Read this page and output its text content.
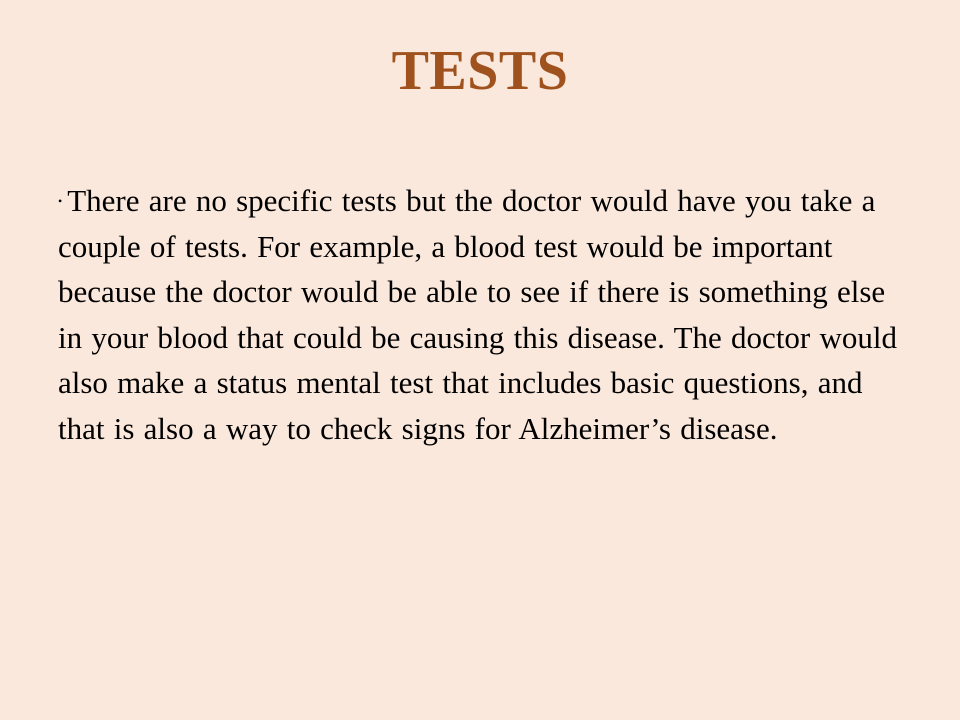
TESTS

• There are no specific tests but the doctor would have you take a couple of tests. For example, a blood test would be important because the doctor would be able to see if there is something else in your blood that could be causing this disease. The doctor would also make a status mental test that includes basic questions, and that is also a way to check signs for Alzheimer’s disease.
